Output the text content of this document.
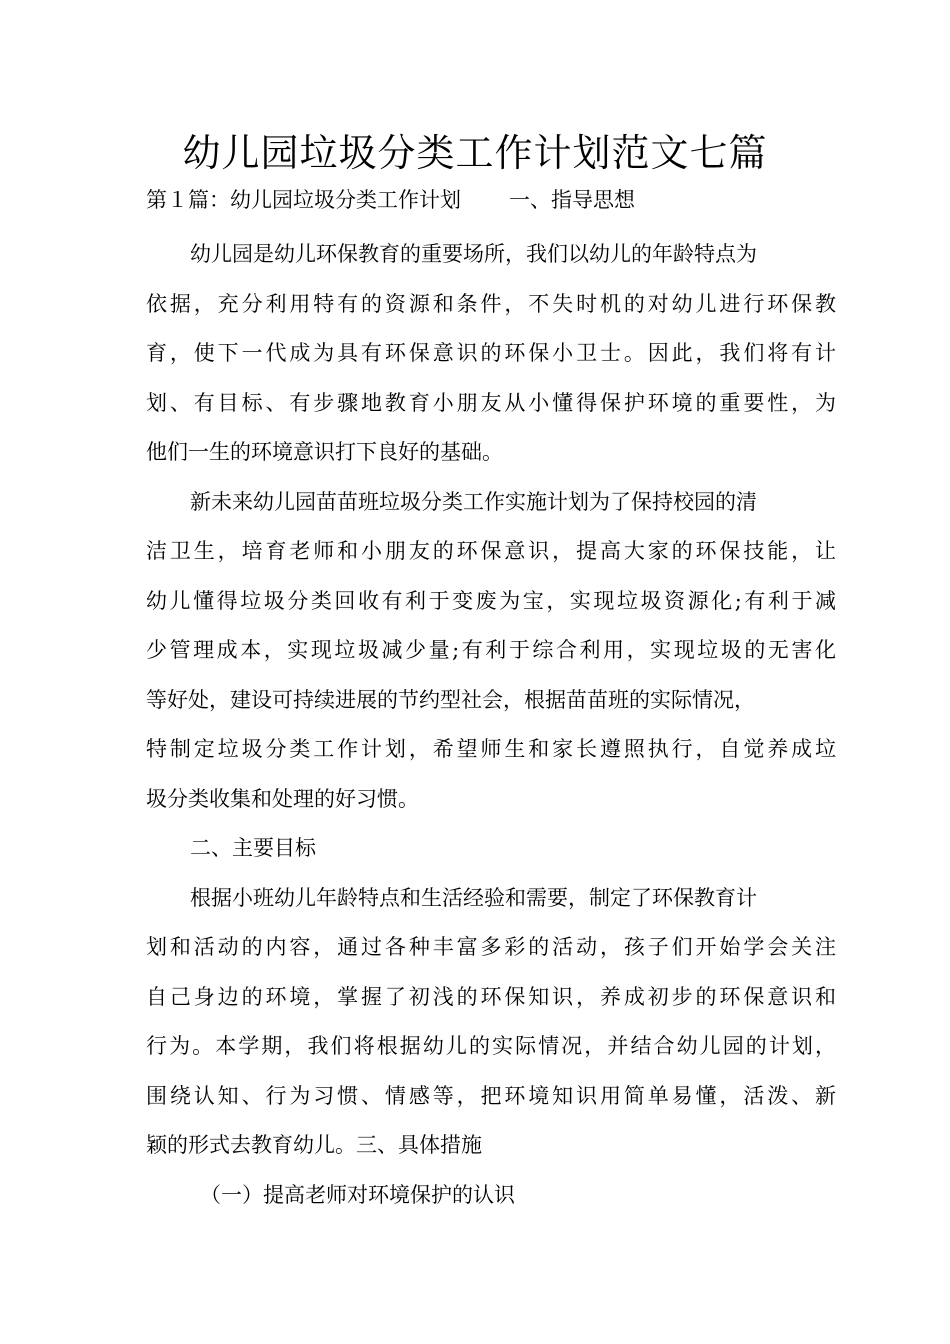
幼儿园垃圾分类工作计划范文七篇
第１篇：幼儿园垃圾分类工作计划 一、指导思想
幼儿园是幼儿环保教育的重要场所，我们以幼儿的年龄特点为
依据，充分利用特有的资源和条件，不失时机的对幼儿进行环保教
育，使下一代成为具有环保意识的环保小卫士。因此，我们将有计
划、有目标、有步骤地教育小朋友从小懂得保护环境的重要性，为
他们一生的环境意识打下良好的基础。
新未来幼儿园苗苗班垃圾分类工作实施计划为了保持校园的清
洁卫生，培育老师和小朋友的环保意识，提高大家的环保技能，让
幼儿懂得垃圾分类回收有利于变废为宝，实现垃圾资源化;有利于减
少管理成本，实现垃圾减少量;有利于综合利用，实现垃圾的无害化
等好处，建设可持续进展的节约型社会，根据苗苗班的实际情况，
特制定垃圾分类工作计划，希望师生和家长遵照执行，自觉养成垃
圾分类收集和处理的好习惯。
二、主要目标
根据小班幼儿年龄特点和生活经验和需要，制定了环保教育计
划和活动的内容，通过各种丰富多彩的活动，孩子们开始学会关注
自己身边的环境，掌握了初浅的环保知识，养成初步的环保意识和
行为。本学期，我们将根据幼儿的实际情况，并结合幼儿园的计划，
围绕认知、行为习惯、情感等，把环境知识用简单易懂，活泼、新
颖的形式去教育幼儿。三、具体措施
（一）提高老师对环境保护的认识
